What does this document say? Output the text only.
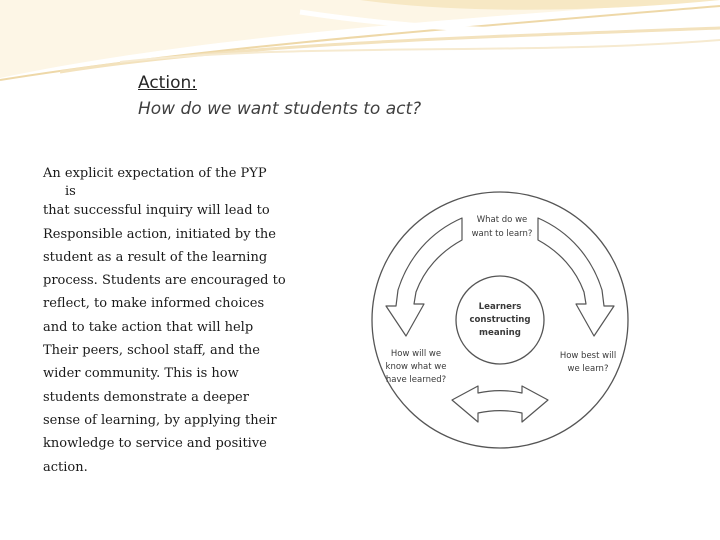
Action:
How do we want students to act?
An explicit expectation of the PYP
is
that successful inquiry will lead to
Responsible action, initiated by the
student as a result of the learning
process. Students are encouraged to
reflect, to make informed choices
and to take action that will help
Their peers, school staff, and the
wider community. This is how
students demonstrate a deeper
sense of learning, by applying their
knowledge to service and positive
action.
What do we
want to learn?
Learners
constructing
meaning
How will we
know what we
have learned?
How best will
we learn?
